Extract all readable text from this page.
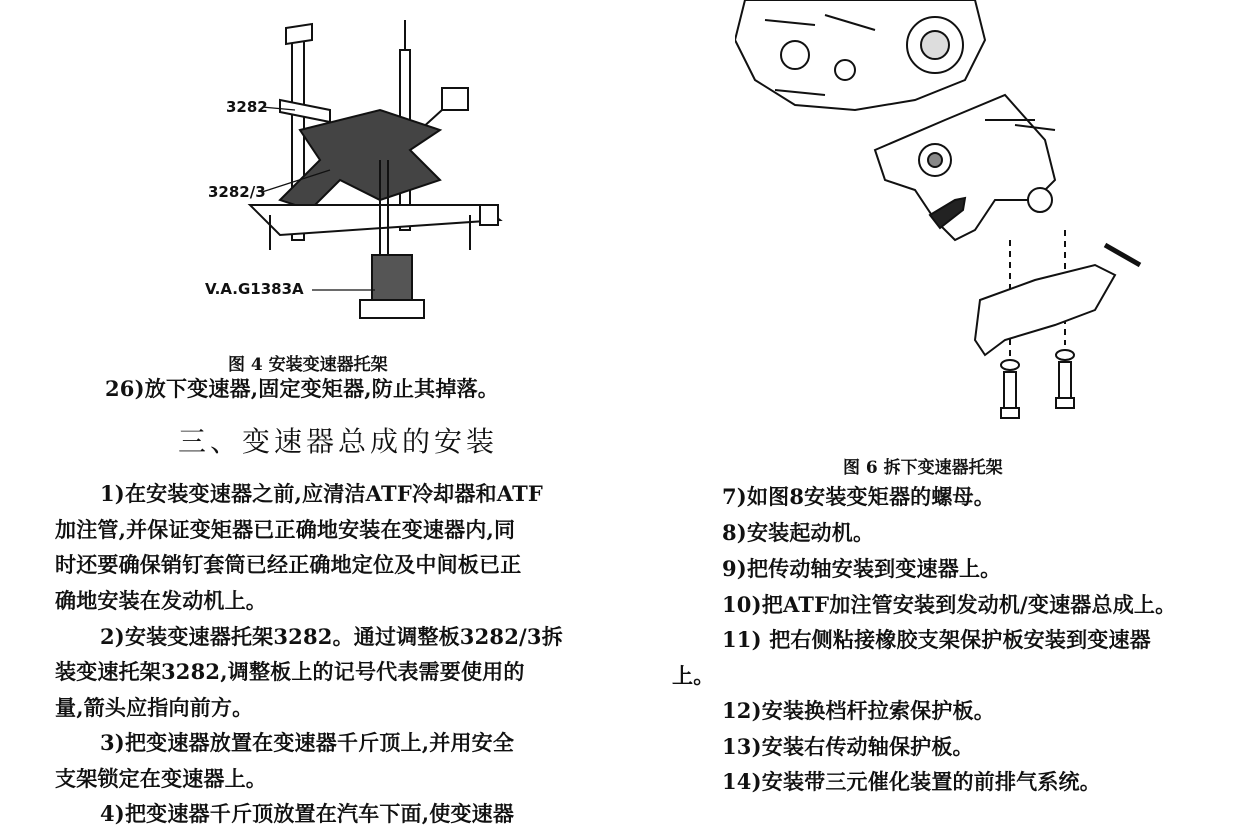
3282
3282/3
V.A.G1383A
图 4 安装变速器托架
图 6 拆下变速器托架
26)放下变速器,固定变矩器,防止其掉落。
三、变速器总成的安装
1)在安装变速器之前,应清洁ATF冷却器和ATF
加注管,并保证变矩器已正确地安装在变速器内,同
时还要确保销钉套筒已经正确地定位及中间板已正
确地安装在发动机上。
2)安装变速器托架3282。通过调整板3282/3拆
装变速托架3282,调整板上的记号代表需要使用的
量,箭头应指向前方。
3)把变速器放置在变速器千斤顶上,并用安全
支架锁定在变速器上。
4)把变速器千斤顶放置在汽车下面,使变速器
7)如图8安装变矩器的螺母。
8)安装起动机。
9)把传动轴安装到变速器上。
10)把ATF加注管安装到发动机/变速器总成上。
11) 把右侧粘接橡胶支架保护板安装到变速器
上。
12)安装换档杆拉索保护板。
13)安装右传动轴保护板。
14)安装带三元催化装置的前排气系统。
